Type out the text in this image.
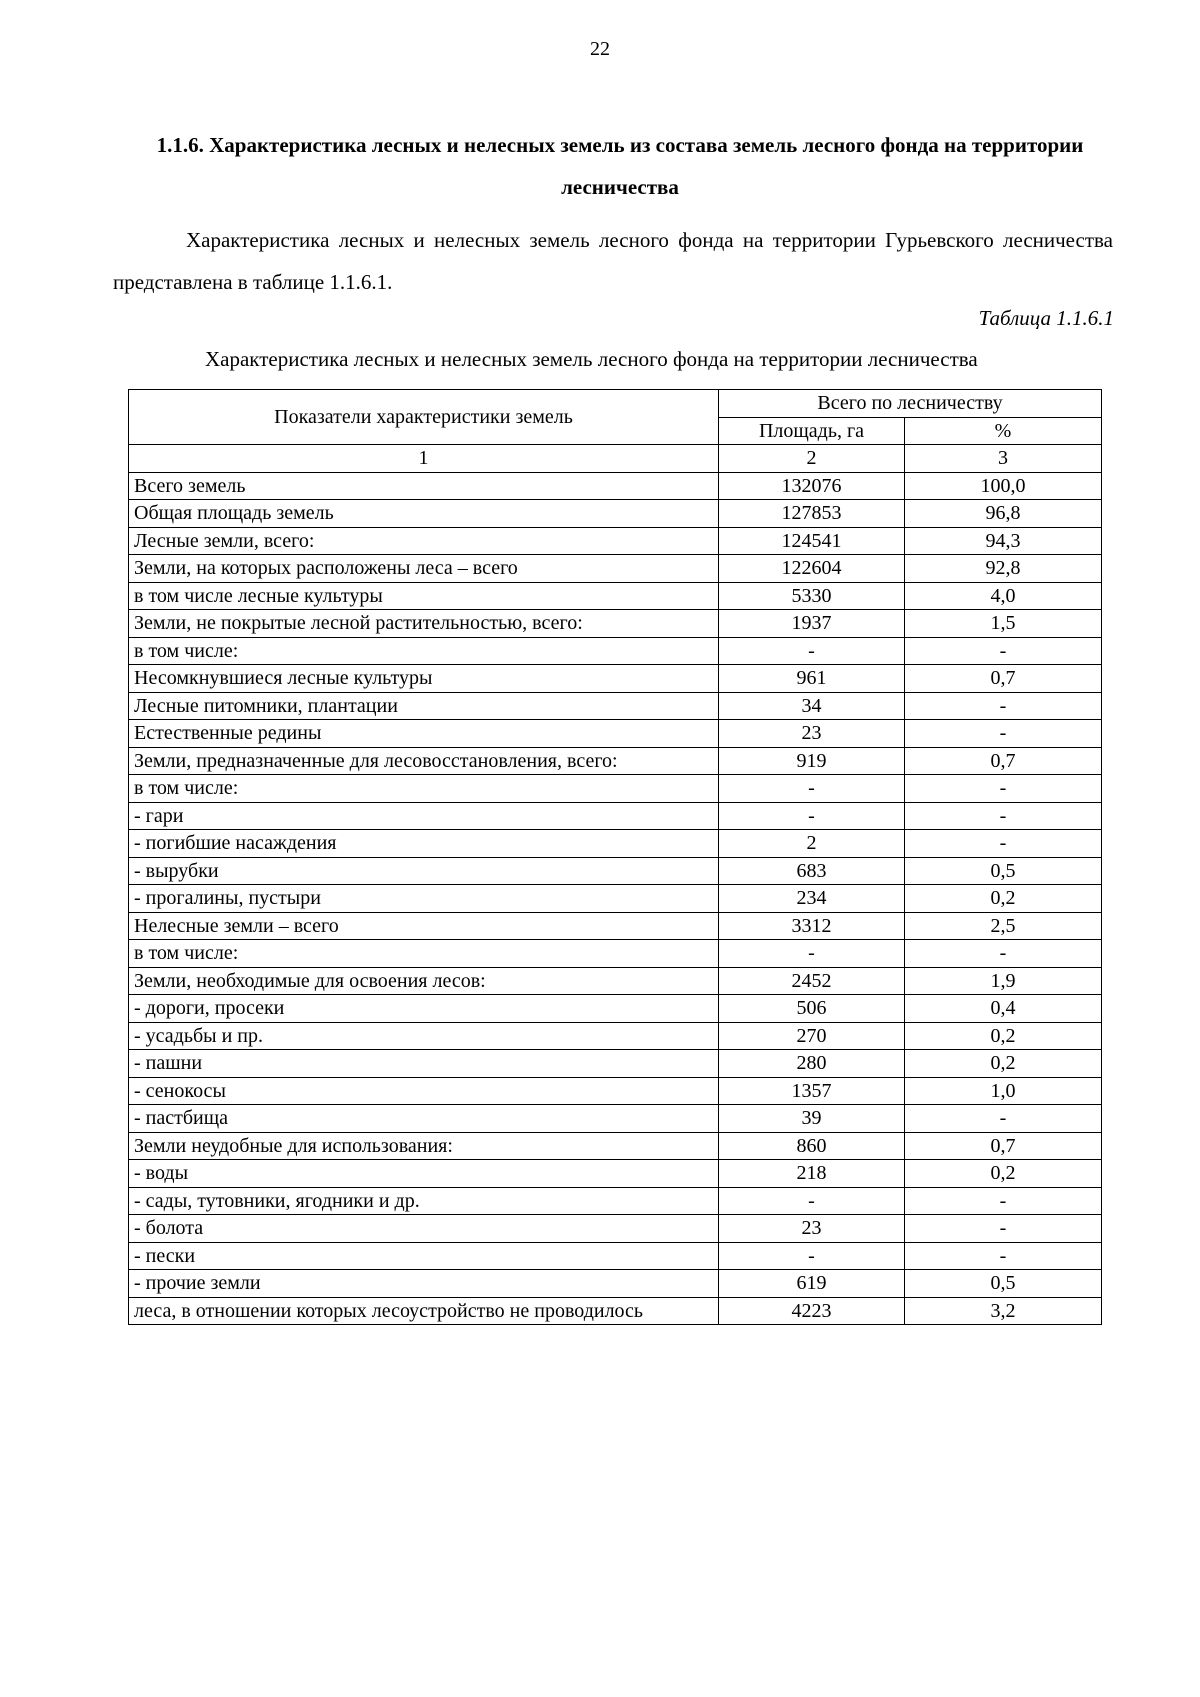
22
1.1.6. Характеристика лесных и нелесных земель из состава земель лесного фонда на территории лесничества

Характеристика лесных и нелесных земель лесного фонда на территории Гурьевского лесничества представлена в таблице 1.1.6.1.

Таблица 1.1.6.1
Характеристика лесных и нелесных земель лесного фонда на территории лесничества
Показатели характеристики земель	Всего по лесничеству	
	Площадь, га	%
1	2	3
Всего земель	132076	100,0
Общая площадь земель	127853	96,8
Лесные земли, всего:	124541	94,3
Земли, на которых расположены леса – всего	122604	92,8
в том числе лесные культуры	5330	4,0
Земли, не покрытые лесной растительностью, всего:	1937	1,5
в том числе:	-	-
Несомкнувшиеся лесные культуры	961	0,7
Лесные питомники, плантации	34	-
Естественные редины	23	-
Земли, предназначенные для лесовосстановления, всего:	919	0,7
в том числе:	-	-
- гари	-	-
- погибшие насаждения	2	-
- вырубки	683	0,5
- прогалины, пустыри	234	0,2
Нелесные земли – всего	3312	2,5
в том числе:	-	-
Земли, необходимые для освоения лесов:	2452	1,9
- дороги, просеки	506	0,4
- усадьбы и пр.	270	0,2
- пашни	280	0,2
- сенокосы	1357	1,0
- пастбища	39	-
Земли неудобные для использования:	860	0,7
- воды	218	0,2
- сады, тутовники, ягодники и др.	-	-
- болота	23	-
- пески	-	-
- прочие земли	619	0,5
леса, в отношении которых лесоустройство не проводилось	4223	3,2
